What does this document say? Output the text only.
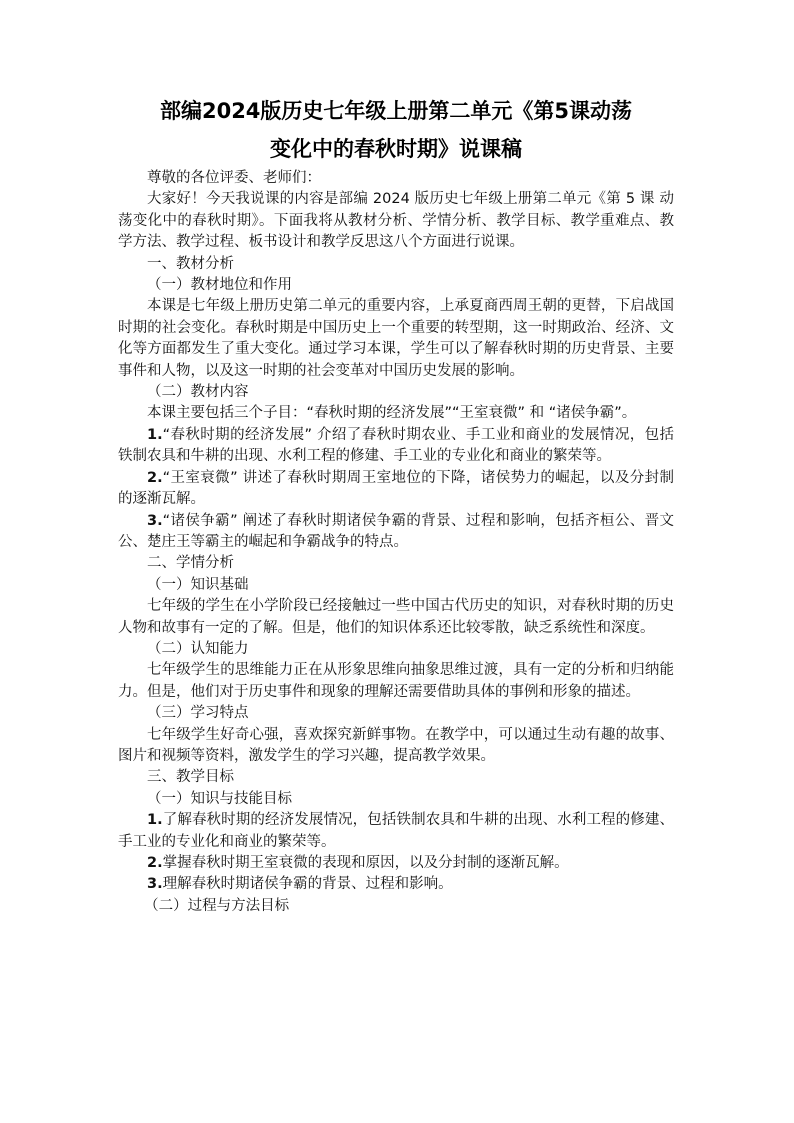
部编2024版历史七年级上册第二单元《第5课动荡
变化中的春秋时期》说课稿

尊敬的各位评委、老师们：

大家好！今天我说课的内容是部编 2024 版历史七年级上册第二单元《第 5 课 动荡变化中的春秋时期》。下面我将从教材分析、学情分析、教学目标、教学重难点、教学方法、教学过程、板书设计和教学反思这八个方面进行说课。

一、教材分析

（一）教材地位和作用

本课是七年级上册历史第二单元的重要内容，上承夏商西周王朝的更替，下启战国时期的社会变化。春秋时期是中国历史上一个重要的转型期，这一时期政治、经济、文化等方面都发生了重大变化。通过学习本课，学生可以了解春秋时期的历史背景、主要事件和人物，以及这一时期的社会变革对中国历史发展的影响。

（二）教材内容

本课主要包括三个子目：“春秋时期的经济发展”“王室衰微” 和 “诸侯争霸”。

1.“春秋时期的经济发展” 介绍了春秋时期农业、手工业和商业的发展情况，包括铁制农具和牛耕的出现、水利工程的修建、手工业的专业化和商业的繁荣等。

2.“王室衰微” 讲述了春秋时期周王室地位的下降，诸侯势力的崛起，以及分封制的逐渐瓦解。

3.“诸侯争霸” 阐述了春秋时期诸侯争霸的背景、过程和影响，包括齐桓公、晋文公、楚庄王等霸主的崛起和争霸战争的特点。

二、学情分析

（一）知识基础

七年级的学生在小学阶段已经接触过一些中国古代历史的知识，对春秋时期的历史人物和故事有一定的了解。但是，他们的知识体系还比较零散，缺乏系统性和深度。

（二）认知能力

七年级学生的思维能力正在从形象思维向抽象思维过渡，具有一定的分析和归纳能力。但是，他们对于历史事件和现象的理解还需要借助具体的事例和形象的描述。

（三）学习特点

七年级学生好奇心强，喜欢探究新鲜事物。在教学中，可以通过生动有趣的故事、图片和视频等资料，激发学生的学习兴趣，提高教学效果。

三、教学目标

（一）知识与技能目标

1.了解春秋时期的经济发展情况，包括铁制农具和牛耕的出现、水利工程的修建、手工业的专业化和商业的繁荣等。

2.掌握春秋时期王室衰微的表现和原因，以及分封制的逐渐瓦解。

3.理解春秋时期诸侯争霸的背景、过程和影响。

（二）过程与方法目标
